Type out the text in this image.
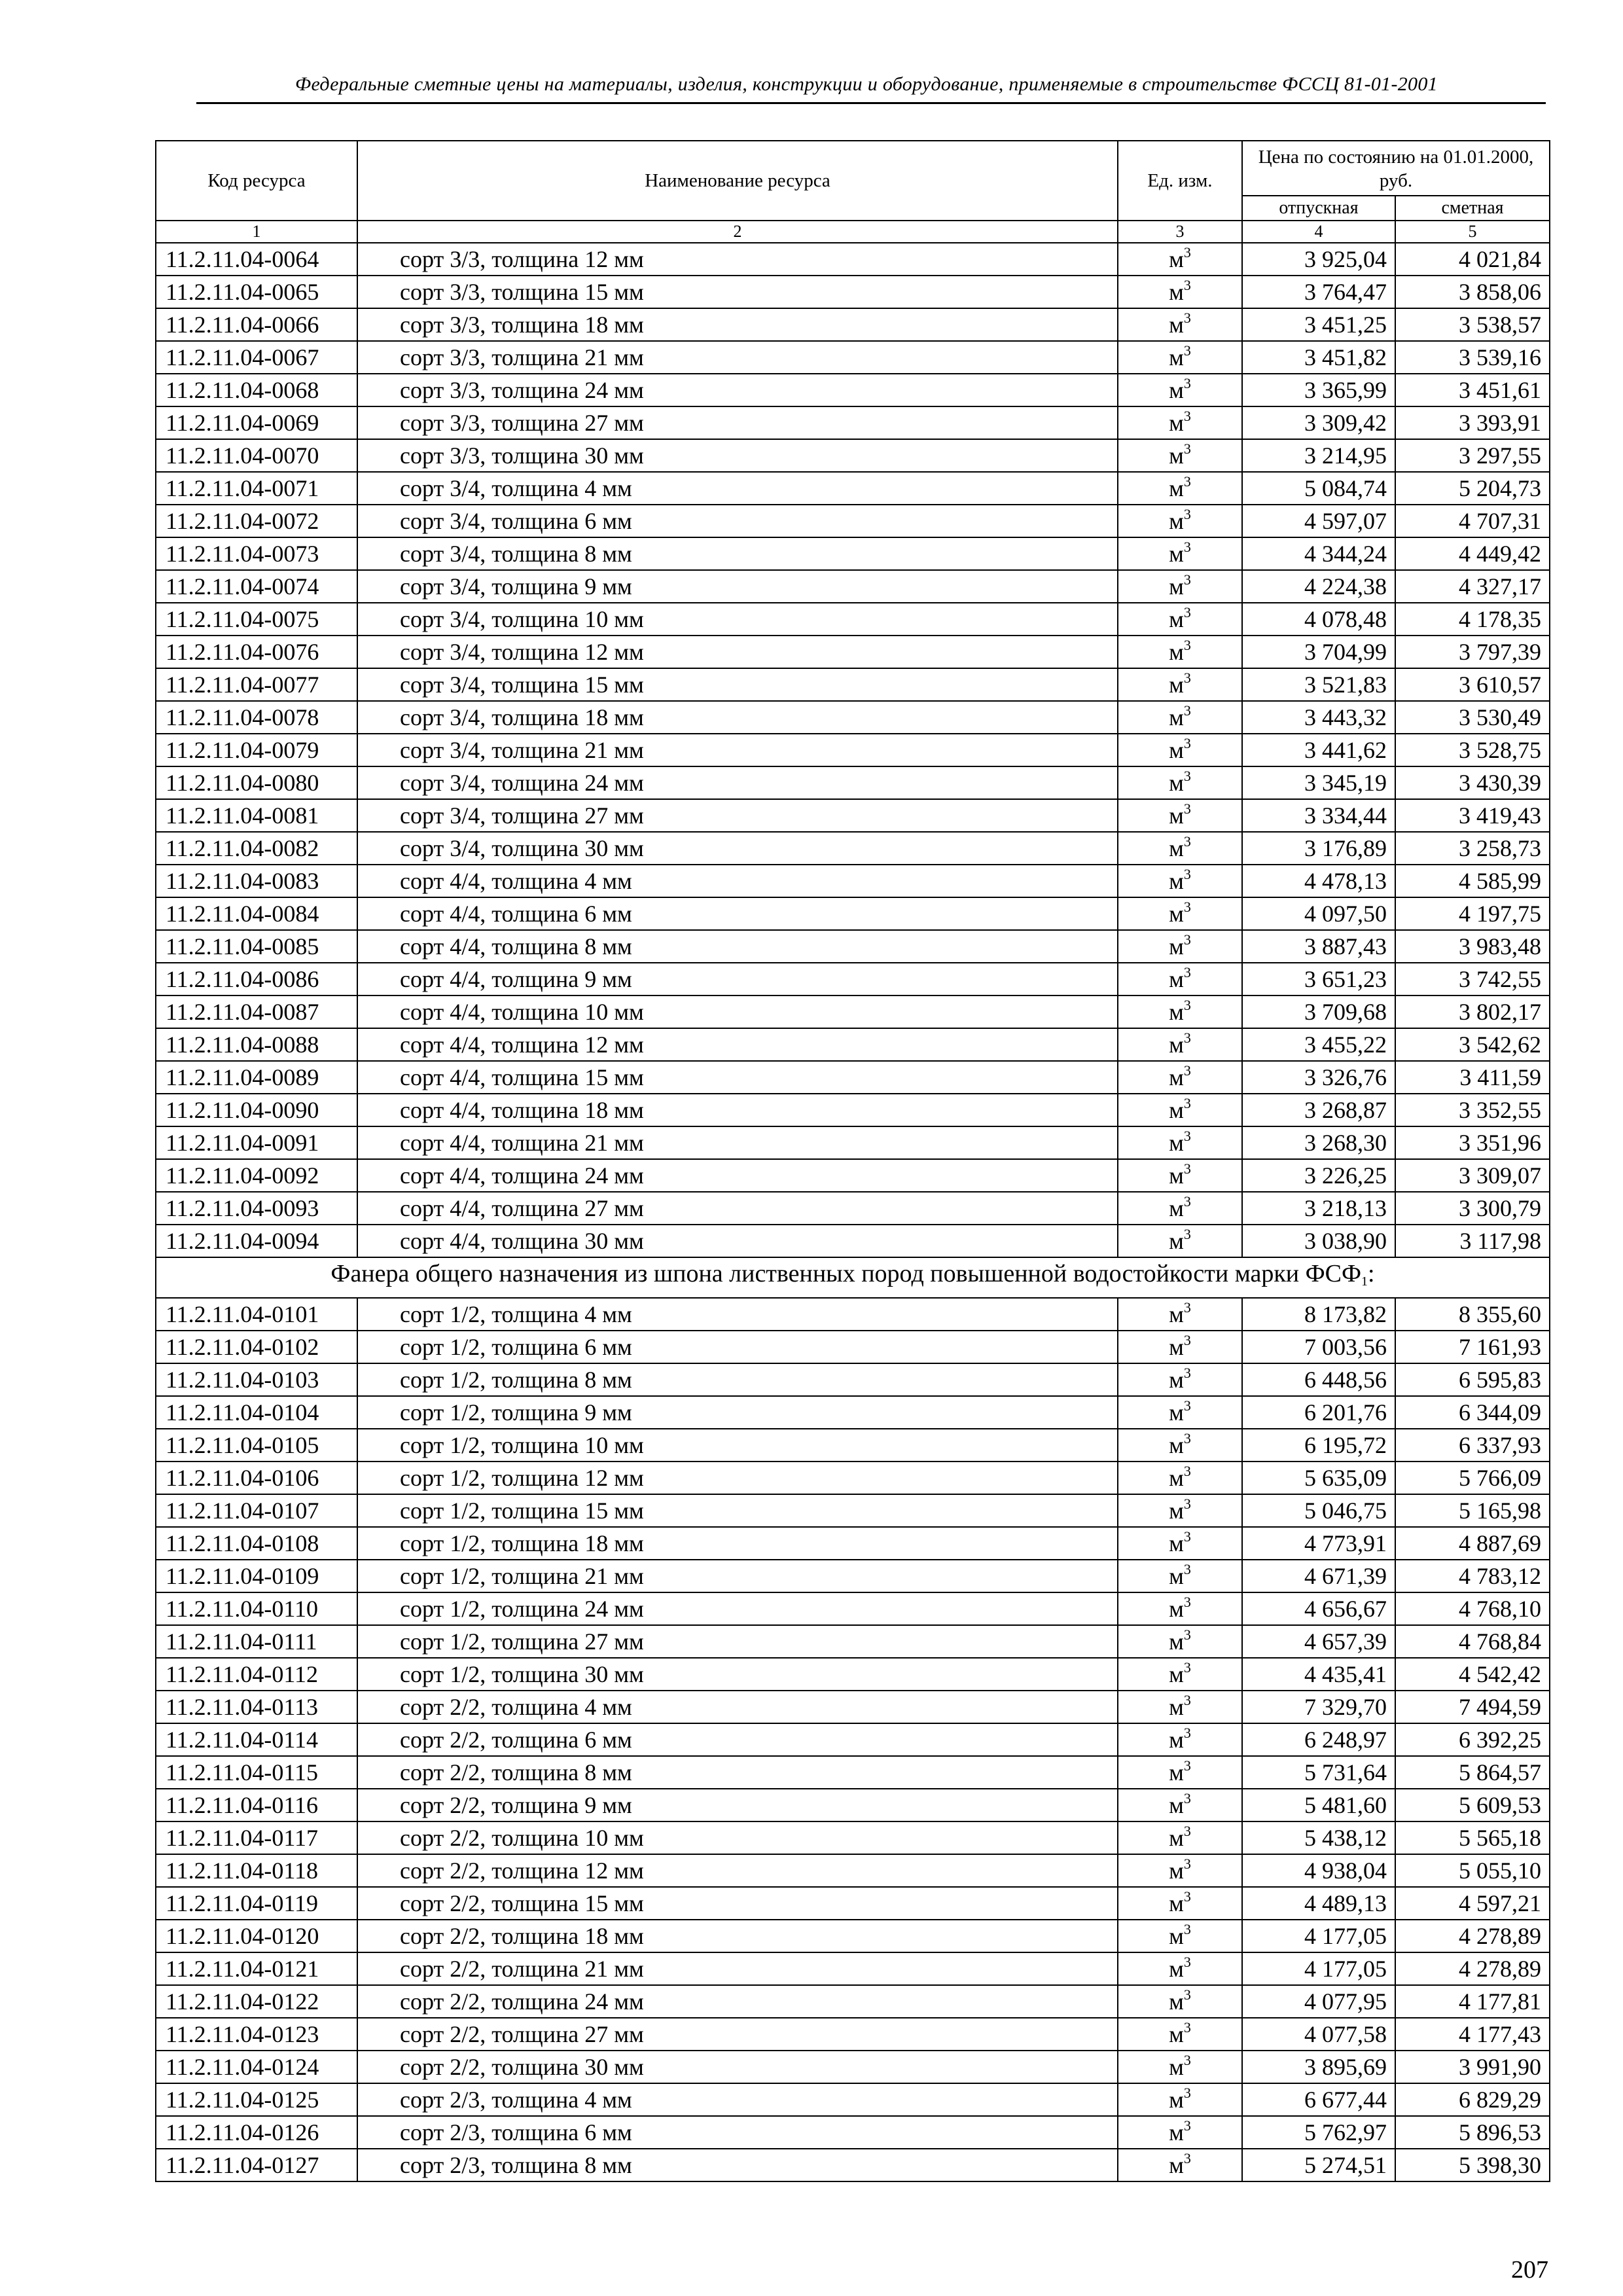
Федеральные сметные цены на материалы, изделия, конструкции и оборудование, применяемые в строительстве ФССЦ 81-01-2001
Код ресурса	Наименование ресурса	Ед. изм.	Цена по состоянию на 01.01.2000, руб.	
			отпускная	сметная
1	2	3	4	5
11.2.11.04-0064	сорт 3/3, толщина 12 мм	$м^3$	3 925,04	4 021,84
11.2.11.04-0065	сорт 3/3, толщина 15 мм	$м^3$	3 764,47	3 858,06
11.2.11.04-0066	сорт 3/3, толщина 18 мм	$м^3$	3 451,25	3 538,57
11.2.11.04-0067	сорт 3/3, толщина 21 мм	$м^3$	3 451,82	3 539,16
11.2.11.04-0068	сорт 3/3, толщина 24 мм	$м^3$	3 365,99	3 451,61
11.2.11.04-0069	сорт 3/3, толщина 27 мм	$м^3$	3 309,42	3 393,91
11.2.11.04-0070	сорт 3/3, толщина 30 мм	$м^3$	3 214,95	3 297,55
11.2.11.04-0071	сорт 3/4, толщина 4 мм	$м^3$	5 084,74	5 204,73
11.2.11.04-0072	сорт 3/4, толщина 6 мм	$м^3$	4 597,07	4 707,31
11.2.11.04-0073	сорт 3/4, толщина 8 мм	$м^3$	4 344,24	4 449,42
11.2.11.04-0074	сорт 3/4, толщина 9 мм	$м^3$	4 224,38	4 327,17
11.2.11.04-0075	сорт 3/4, толщина 10 мм	$м^3$	4 078,48	4 178,35
11.2.11.04-0076	сорт 3/4, толщина 12 мм	$м^3$	3 704,99	3 797,39
11.2.11.04-0077	сорт 3/4, толщина 15 мм	$м^3$	3 521,83	3 610,57
11.2.11.04-0078	сорт 3/4, толщина 18 мм	$м^3$	3 443,32	3 530,49
11.2.11.04-0079	сорт 3/4, толщина 21 мм	$м^3$	3 441,62	3 528,75
11.2.11.04-0080	сорт 3/4, толщина 24 мм	$м^3$	3 345,19	3 430,39
11.2.11.04-0081	сорт 3/4, толщина 27 мм	$м^3$	3 334,44	3 419,43
11.2.11.04-0082	сорт 3/4, толщина 30 мм	$м^3$	3 176,89	3 258,73
11.2.11.04-0083	сорт 4/4, толщина 4 мм	$м^3$	4 478,13	4 585,99
11.2.11.04-0084	сорт 4/4, толщина 6 мм	$м^3$	4 097,50	4 197,75
11.2.11.04-0085	сорт 4/4, толщина 8 мм	$м^3$	3 887,43	3 983,48
11.2.11.04-0086	сорт 4/4, толщина 9 мм	$м^3$	3 651,23	3 742,55
11.2.11.04-0087	сорт 4/4, толщина 10 мм	$м^3$	3 709,68	3 802,17
11.2.11.04-0088	сорт 4/4, толщина 12 мм	$м^3$	3 455,22	3 542,62
11.2.11.04-0089	сорт 4/4, толщина 15 мм	$м^3$	3 326,76	3 411,59
11.2.11.04-0090	сорт 4/4, толщина 18 мм	$м^3$	3 268,87	3 352,55
11.2.11.04-0091	сорт 4/4, толщина 21 мм	$м^3$	3 268,30	3 351,96
11.2.11.04-0092	сорт 4/4, толщина 24 мм	$м^3$	3 226,25	3 309,07
11.2.11.04-0093	сорт 4/4, толщина 27 мм	$м^3$	3 218,13	3 300,79
11.2.11.04-0094	сорт 4/4, толщина 30 мм	$м^3$	3 038,90	3 117,98
Фанера общего назначения из шпона лиственных пород повышенной водостойкости марки $ФСФ_1$:				
11.2.11.04-0101	сорт 1/2, толщина 4 мм	$м^3$	8 173,82	8 355,60
11.2.11.04-0102	сорт 1/2, толщина 6 мм	$м^3$	7 003,56	7 161,93
11.2.11.04-0103	сорт 1/2, толщина 8 мм	$м^3$	6 448,56	6 595,83
11.2.11.04-0104	сорт 1/2, толщина 9 мм	$м^3$	6 201,76	6 344,09
11.2.11.04-0105	сорт 1/2, толщина 10 мм	$м^3$	6 195,72	6 337,93
11.2.11.04-0106	сорт 1/2, толщина 12 мм	$м^3$	5 635,09	5 766,09
11.2.11.04-0107	сорт 1/2, толщина 15 мм	$м^3$	5 046,75	5 165,98
11.2.11.04-0108	сорт 1/2, толщина 18 мм	$м^3$	4 773,91	4 887,69
11.2.11.04-0109	сорт 1/2, толщина 21 мм	$м^3$	4 671,39	4 783,12
11.2.11.04-0110	сорт 1/2, толщина 24 мм	$м^3$	4 656,67	4 768,10
11.2.11.04-0111	сорт 1/2, толщина 27 мм	$м^3$	4 657,39	4 768,84
11.2.11.04-0112	сорт 1/2, толщина 30 мм	$м^3$	4 435,41	4 542,42
11.2.11.04-0113	сорт 2/2, толщина 4 мм	$м^3$	7 329,70	7 494,59
11.2.11.04-0114	сорт 2/2, толщина 6 мм	$м^3$	6 248,97	6 392,25
11.2.11.04-0115	сорт 2/2, толщина 8 мм	$м^3$	5 731,64	5 864,57
11.2.11.04-0116	сорт 2/2, толщина 9 мм	$м^3$	5 481,60	5 609,53
11.2.11.04-0117	сорт 2/2, толщина 10 мм	$м^3$	5 438,12	5 565,18
11.2.11.04-0118	сорт 2/2, толщина 12 мм	$м^3$	4 938,04	5 055,10
11.2.11.04-0119	сорт 2/2, толщина 15 мм	$м^3$	4 489,13	4 597,21
11.2.11.04-0120	сорт 2/2, толщина 18 мм	$м^3$	4 177,05	4 278,89
11.2.11.04-0121	сорт 2/2, толщина 21 мм	$м^3$	4 177,05	4 278,89
11.2.11.04-0122	сорт 2/2, толщина 24 мм	$м^3$	4 077,95	4 177,81
11.2.11.04-0123	сорт 2/2, толщина 27 мм	$м^3$	4 077,58	4 177,43
11.2.11.04-0124	сорт 2/2, толщина 30 мм	$м^3$	3 895,69	3 991,90
11.2.11.04-0125	сорт 2/3, толщина 4 мм	$м^3$	6 677,44	6 829,29
11.2.11.04-0126	сорт 2/3, толщина 6 мм	$м^3$	5 762,97	5 896,53
11.2.11.04-0127	сорт 2/3, толщина 8 мм	$м^3$	5 274,51	5 398,30
207
